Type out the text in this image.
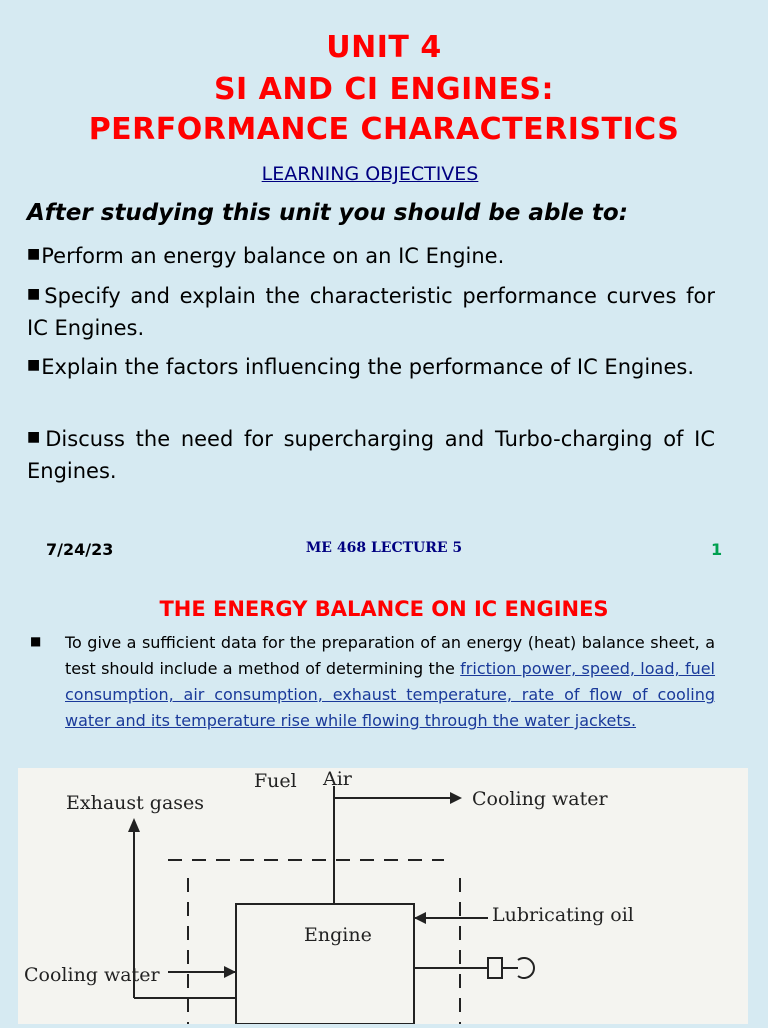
UNIT 4
SI AND CI ENGINES:
PERFORMANCE CHARACTERISTICS
LEARNING OBJECTIVES
After studying this unit you should be able to:
■Perform an energy balance on an IC Engine.
■Specify and explain the characteristic performance curves for IC Engines.
■Explain the factors influencing the performance of IC Engines.
■Discuss the need for supercharging and Turbo-charging of IC Engines.
7/24/23	ME 468 LECTURE 5	1
THE ENERGY BALANCE ON IC ENGINES
■ To give a sufficient data for the preparation of an energy (heat) balance sheet, a test should include a method of determining the friction power, speed, load, fuel consumption, air consumption, exhaust temperature, rate of flow of cooling water and its temperature rise while flowing through the water jackets.
Fuel Air
Exhaust gases	Cooling water
Lubricating oil
Engine
Cooling water
